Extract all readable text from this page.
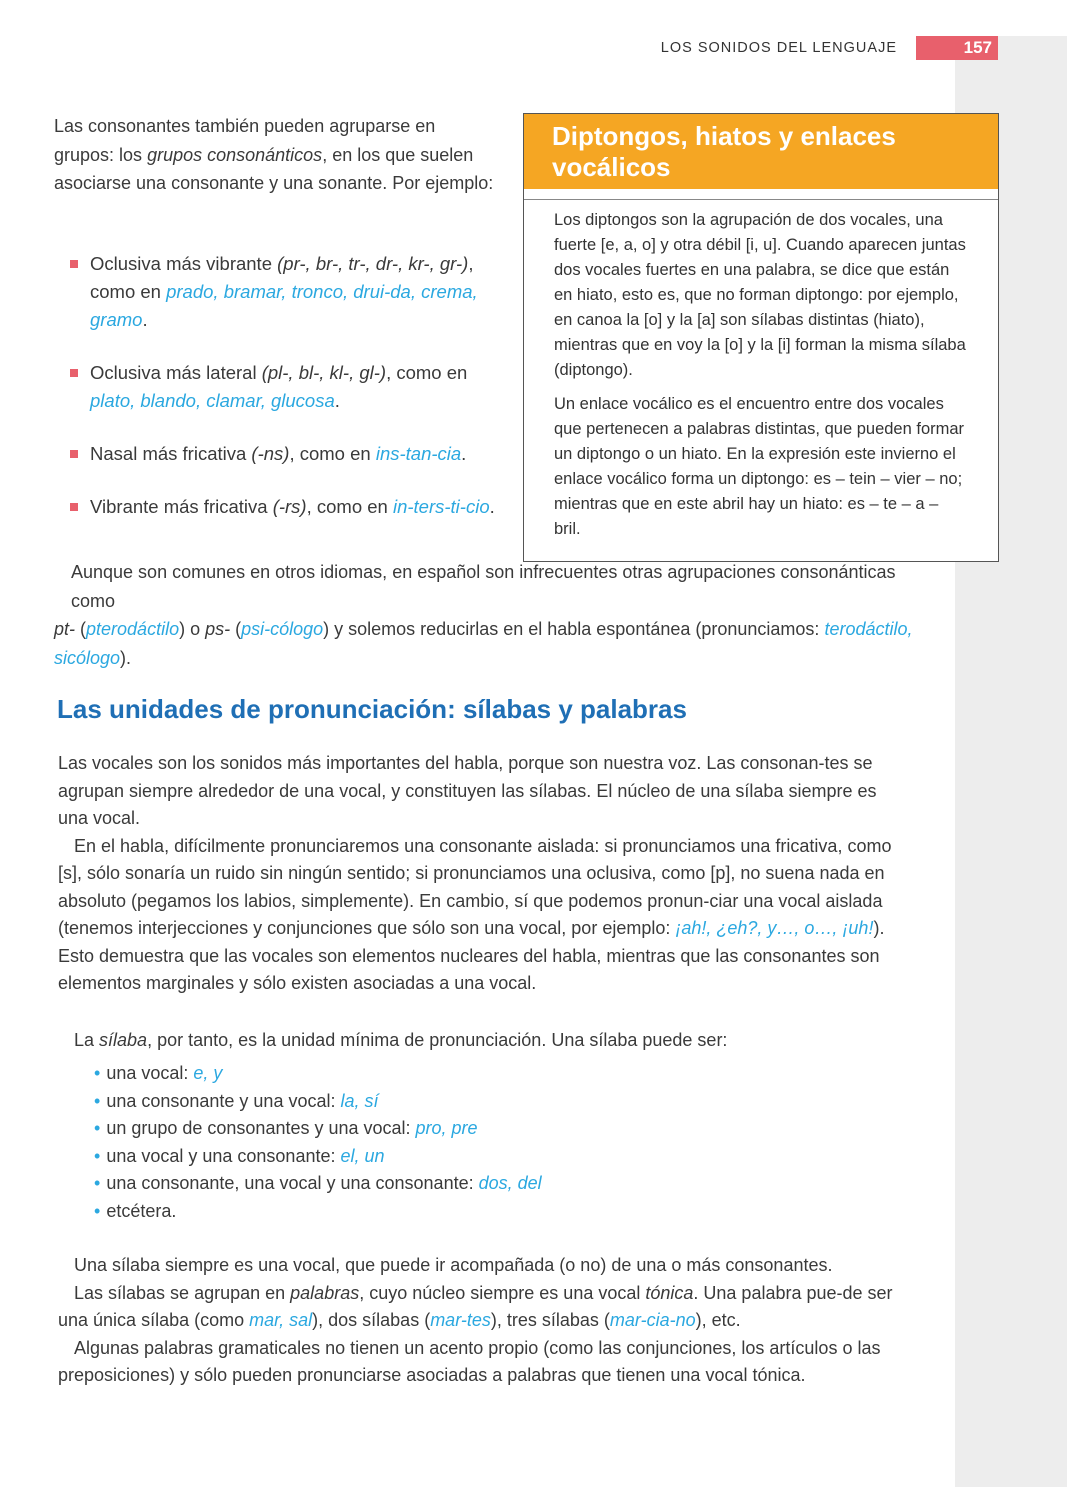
LOS SONIDOS DEL LENGUAJE	157

Las consonantes también pueden agruparse en grupos: los grupos consonánticos, en los que suelen asociarse una consonante y una sonante. Por ejemplo:

Oclusiva más vibrante (pr-, br-, tr-, dr-, kr-, gr-), como en prado, bramar, tronco, drui-da, crema, gramo.
Oclusiva más lateral (pl-, bl-, kl-, gl-), como en plato, blando, clamar, glucosa.
Nasal más fricativa (-ns), como en ins-tan-cia.
Vibrante más fricativa (-rs), como en in-ters-ti-cio.

Aunque son comunes en otros idiomas, en español son infrecuentes otras agrupaciones consonánticas comopt- (pterodáctilo) o ps- (psi-cólogo) y solemos reducirlas en el habla espontánea (pronunciamos: terodáctilo, sicólogo).

Diptongos, hiatos y enlaces vocálicos

Los diptongos son la agrupación de dos vocales, una fuerte [e, a, o] y otra débil [i, u]. Cuando aparecen juntas dos vocales fuertes en una palabra, se dice que están en hiato, esto es, que no forman diptongo: por ejemplo, en canoa la [o] y la [a] son sílabas distintas (hiato), mientras que en voy la [o] y la [i] forman la misma sílaba (diptongo).

Un enlace vocálico es el encuentro entre dos vocales que pertenecen a palabras distintas, que pueden formar un diptongo o un hiato. En la expresión este invierno el enlace vocálico forma un diptongo: es – tein – vier – no; mientras que en este abril hay un hiato: es – te – a – bril.

Las unidades de pronunciación: sílabas y palabras

Las vocales son los sonidos más importantes del habla, porque son nuestra voz. Las consonan-tes se agrupan siempre alrededor de una vocal, y constituyen las sílabas. El núcleo de una sílaba siempre es una vocal.

En el habla, difícilmente pronunciaremos una consonante aislada: si pronunciamos una fricativa, como [s], sólo sonaría un ruido sin ningún sentido; si pronunciamos una oclusiva, como [p], no suena nada en absoluto (pegamos los labios, simplemente). En cambio, sí que podemos pronun-ciar una vocal aislada (tenemos interjecciones y conjunciones que sólo son una vocal, por ejemplo: ¡ah!, ¿eh?, y…, o…, ¡uh!). Esto demuestra que las vocales son elementos nucleares del habla, mientras que las consonantes son elementos marginales y sólo existen asociadas a una vocal.

La sílaba, por tanto, es la unidad mínima de pronunciación. Una sílaba puede ser:

• una vocal: e, y
• una consonante y una vocal: la, sí
• un grupo de consonantes y una vocal: pro, pre
• una vocal y una consonante: el, un
• una consonante, una vocal y una consonante: dos, del
• etcétera.

Una sílaba siempre es una vocal, que puede ir acompañada (o no) de una o más consonantes.

Las sílabas se agrupan en palabras, cuyo núcleo siempre es una vocal tónica. Una palabra pue-de ser una única sílaba (como mar, sal), dos sílabas (mar-tes), tres sílabas (mar-cia-no), etc.

Algunas palabras gramaticales no tienen un acento propio (como las conjunciones, los artículos o las preposiciones) y sólo pueden pronunciarse asociadas a palabras que tienen una vocal tónica.
